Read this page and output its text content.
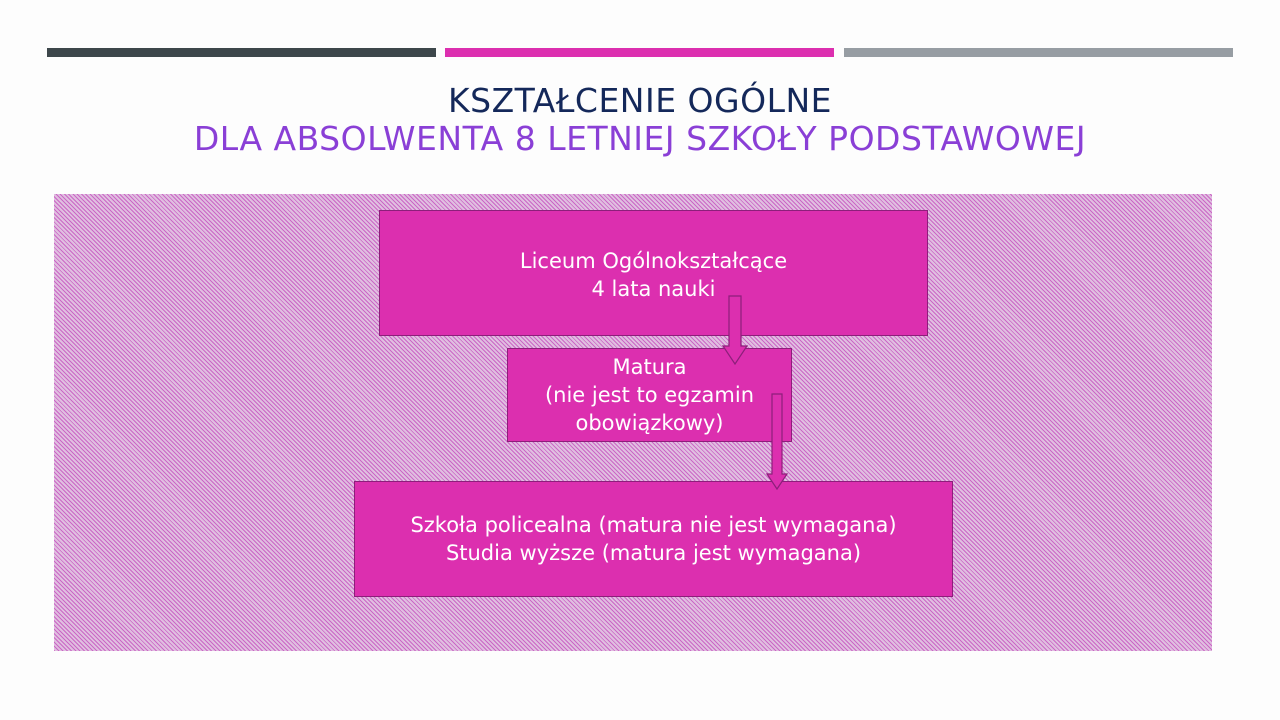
KSZTAŁCENIE OGÓLNE
DLA ABSOLWENTA 8 LETNIEJ SZKOŁY PODSTAWOWEJ
Liceum Ogólnokształcące
4 lata nauki
Matura
(nie jest to egzamin
obowiązkowy)
Szkoła policealna (matura nie jest wymagana)
Studia wyższe (matura jest wymagana)
